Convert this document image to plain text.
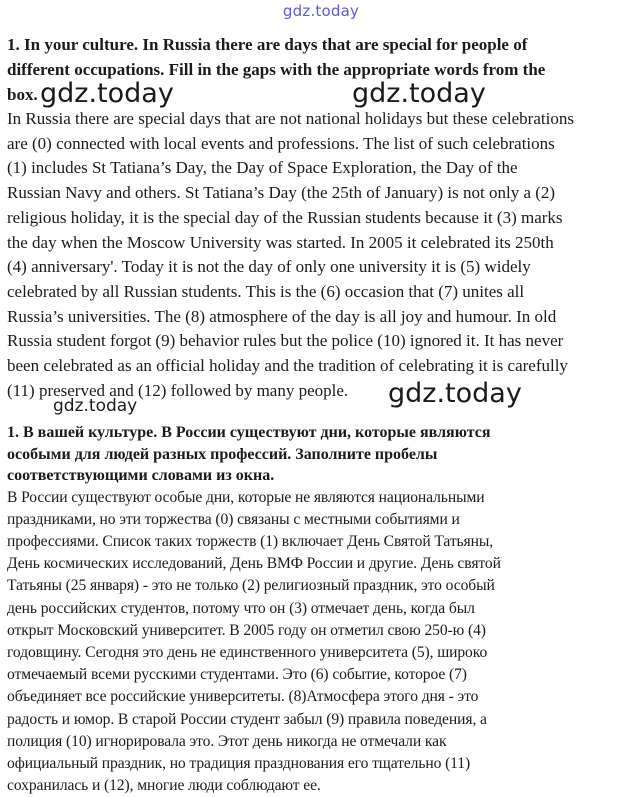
gdz.today
1. In your culture. In Russia there are days that are special for people of
different occupations. Fill in the gaps with the appropriate words from the
box.
In Russia there are special days that are not national holidays but these celebrations
are (0) connected with local events and professions. The list of such celebrations
(1) includes St Tatiana’s Day, the Day of Space Exploration, the Day of the
Russian Navy and others. St Tatiana’s Day (the 25th of January) is not only a (2)
religious holiday, it is the special day of the Russian students because it (3) marks
the day when the Moscow University was started. In 2005 it celebrated its 250th
(4) anniversary'. Today it is not the day of only one university it is (5) widely
celebrated by all Russian students. This is the (6) occasion that (7) unites all
Russia’s universities. The (8) atmosphere of the day is all joy and humour. In old
Russia student forgot (9) behavior rules but the police (10) ignored it. It has never
been celebrated as an official holiday and the tradition of celebrating it is carefully
(11) preserved and (12) followed by many people.
1. В вашей культуре. В России существуют дни, которые являются
особыми для людей разных профессий. Заполните пробелы
соответствующими словами из окна.
В России существуют особые дни, которые не являются национальными
праздниками, но эти торжества (0) связаны с местными событиями и
профессиями. Список таких торжеств (1) включает День Святой Татьяны,
День космических исследований, День ВМФ России и другие. День святой
Татьяны (25 января) - это не только (2) религиозный праздник, это особый
день российских студентов, потому что он (3) отмечает день, когда был
открыт Московский университет. В 2005 году он отметил свою 250-ю (4)
годовщину. Сегодня это день не единственного университета (5), широко
отмечаемый всеми русскими студентами. Это (6) событие, которое (7)
объединяет все российские университеты. (8)Атмосфера этого дня - это
радость и юмор. В старой России студент забыл (9) правила поведения, а
полиция (10) игнорировала это. Этот день никогда не отмечали как
официальный праздник, но традиция празднования его тщательно (11)
сохранилась и (12), многие люди соблюдают ее.
gdz.today	gdz.today
gdz.today
gdz.today
